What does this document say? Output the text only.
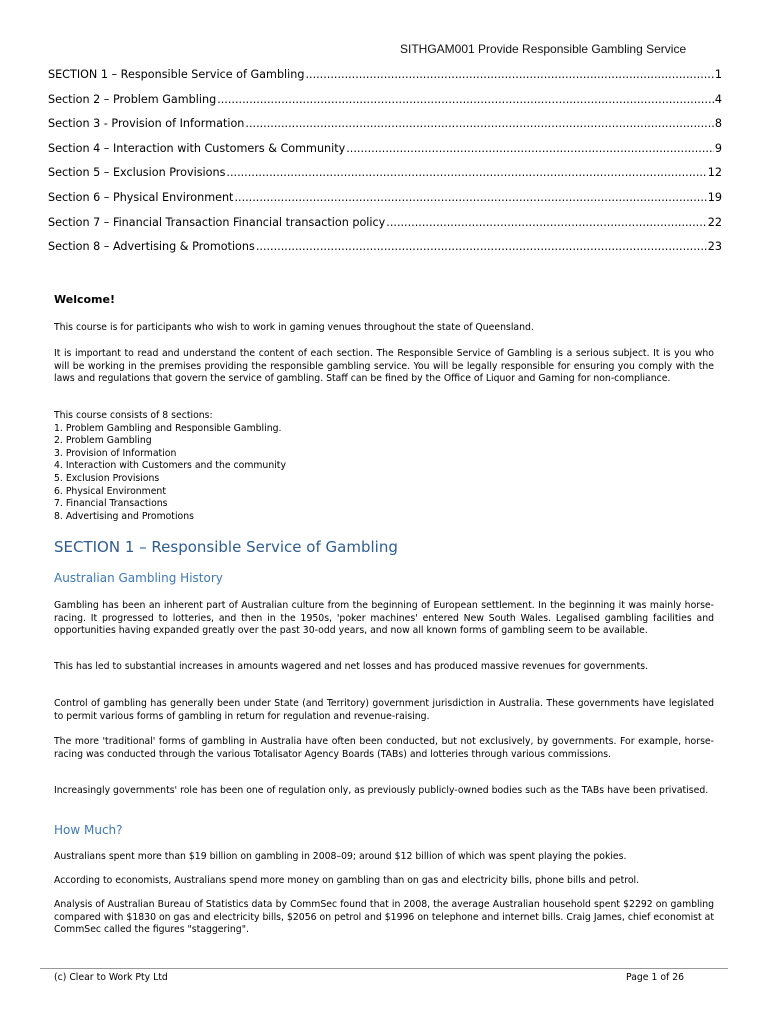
SITHGAM001 Provide Responsible Gambling Service
SECTION 1 – Responsible Service of Gambling .....	1
Section 2 – Problem Gambling .....	4
Section 3 - Provision of Information .....	8
Section 4 – Interaction with Customers & Community .....	9
Section 5 – Exclusion Provisions .....	12
Section 6 – Physical Environment .....	19
Section 7 – Financial Transaction Financial transaction policy .....	22
Section 8 – Advertising & Promotions .....	23
Welcome!
This course is for participants who wish to work in gaming venues throughout the state of Queensland.
It is important to read and understand the content of each section. The Responsible Service of Gambling is a serious subject. It is you who will be working in the premises providing the responsible gambling service. You will be legally responsible for ensuring you comply with the laws and regulations that govern the service of gambling. Staff can be fined by the Office of Liquor and Gaming for non-compliance.
This course consists of 8 sections:
1. Problem Gambling and Responsible Gambling.
2. Problem Gambling
3. Provision of Information
4. Interaction with Customers and the community
5. Exclusion Provisions
6. Physical Environment
7. Financial Transactions
8. Advertising and Promotions
SECTION 1 – Responsible Service of Gambling
Australian Gambling History
Gambling has been an inherent part of Australian culture from the beginning of European settlement. In the beginning it was mainly horse-racing. It progressed to lotteries, and then in the 1950s, 'poker machines' entered New South Wales. Legalised gambling facilities and opportunities having expanded greatly over the past 30-odd years, and now all known forms of gambling seem to be available.
This has led to substantial increases in amounts wagered and net losses and has produced massive revenues for governments.
Control of gambling has generally been under State (and Territory) government jurisdiction in Australia. These governments have legislated to permit various forms of gambling in return for regulation and revenue-raising.
The more 'traditional' forms of gambling in Australia have often been conducted, but not exclusively, by governments. For example, horse-racing was conducted through the various Totalisator Agency Boards (TABs) and lotteries through various commissions.
Increasingly governments' role has been one of regulation only, as previously publicly-owned bodies such as the TABs have been privatised.
How Much?
Australians spent more than $19 billion on gambling in 2008–09; around $12 billion of which was spent playing the pokies.
According to economists, Australians spend more money on gambling than on gas and electricity bills, phone bills and petrol.
Analysis of Australian Bureau of Statistics data by CommSec found that in 2008, the average Australian household spent $2292 on gambling compared with $1830 on gas and electricity bills, $2056 on petrol and $1996 on telephone and internet bills. Craig James, chief economist at CommSec called the figures "staggering".
(c) Clear to Work Pty Ltd	Page 1 of 26
